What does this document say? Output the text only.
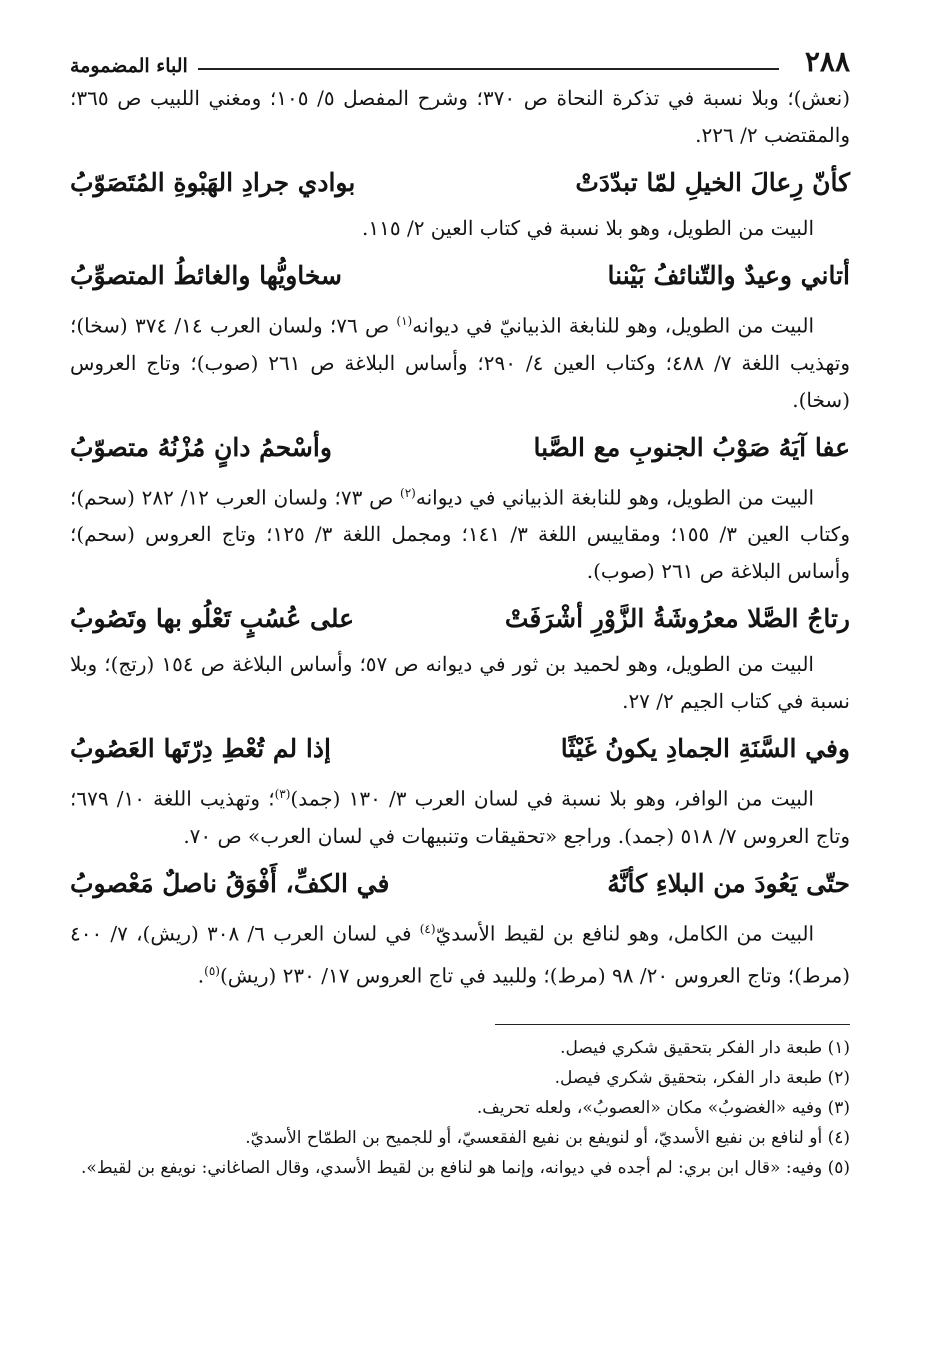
٢٨٨
الباء المضمومة

(نعش)؛ وبلا نسبة في تذكرة النحاة ص ٣٧٠؛ وشرح المفصل ٥/ ١٠٥؛ ومغني اللبيب ص ٣٦٥؛ والمقتضب ٢/ ٢٢٦.

كأنّ رِعالَ الخيلِ لمّا تبدّدَتْ
بوادي جرادِ الهَبْوةِ المُتَصَوّبُ

البيت من الطويل، وهو بلا نسبة في كتاب العين ٢/ ١١٥.

أتاني وعيدٌ والتّنائفُ بَيْننا
سخاويُّها والغائطُ المتصوِّبُ

البيت من الطويل، وهو للنابغة الذبيانيّ في ديوانه$^{(١)}$ ص ٧٦؛ ولسان العرب ١٤/ ٣٧٤ (سخا)؛ وتهذيب اللغة ٧/ ٤٨٨؛ وكتاب العين ٤/ ٢٩٠؛ وأساس البلاغة ص ٢٦١ (صوب)؛ وتاج العروس (سخا).

عفا آيَهُ صَوْبُ الجنوبِ مع الصَّبا
وأسْحمُ دانٍ مُزْنُهُ متصوّبُ

البيت من الطويل، وهو للنابغة الذبياني في ديوانه$^{(٢)}$ ص ٧٣؛ ولسان العرب ١٢/ ٢٨٢ (سحم)؛ وكتاب العين ٣/ ١٥٥؛ ومقاييس اللغة ٣/ ١٤١؛ ومجمل اللغة ٣/ ١٢٥؛ وتاج العروس (سحم)؛ وأساس البلاغة ص ٢٦١ (صوب).

رتاجُ الصَّلا معرُوشَةُ الزَّوْرِ أشْرَفَتْ
على عُسُبٍ تَعْلُو بها وتَصُوبُ

البيت من الطويل، وهو لحميد بن ثور في ديوانه ص ٥٧؛ وأساس البلاغة ص ١٥٤ (رتج)؛ وبلا نسبة في كتاب الجيم ٢/ ٢٧.

وفي السَّنَةِ الجمادِ يكونُ غَيْثًا
إذا لم تُعْطِ دِرّتَها العَصُوبُ

البيت من الوافر، وهو بلا نسبة في لسان العرب ٣/ ١٣٠ (جمد)$^{(٣)}$؛ وتهذيب اللغة ١٠/ ٦٧٩؛ وتاج العروس ٧/ ٥١٨ (جمد). وراجع «تحقيقات وتنبيهات في لسان العرب» ص ٧٠.

حتّى يَعُودَ من البلاءِ كأنَّهُ
في الكفِّ، أَفْوَقُ ناصلٌ مَعْصوبُ

البيت من الكامل، وهو لنافع بن لقيط الأسديّ$^{(٤)}$ في لسان العرب ٦/ ٣٠٨ (ريش)، ٧/ ٤٠٠ (مرط)؛ وتاج العروس ٢٠/ ٩٨ (مرط)؛ وللبيد في تاج العروس ١٧/ ٢٣٠ (ريش)$^{(٥)}$.

(١) طبعة دار الفكر بتحقيق شكري فيصل.

(٢) طبعة دار الفكر، بتحقيق شكري فيصل.

(٣) وفيه «الغضوبُ» مكان «العصوبُ»، ولعله تحريف.

(٤) أو لنافع بن نفيع الأسديّ، أو لنويفع بن نفيع الفقعسيّ، أو للجميح بن الطمّاح الأسديّ.

(٥) وفيه: «قال ابن بري: لم أجده في ديوانه، وإنما هو لنافع بن لقيط الأسدي، وقال الصاغاني: نويفع بن لقيط».
